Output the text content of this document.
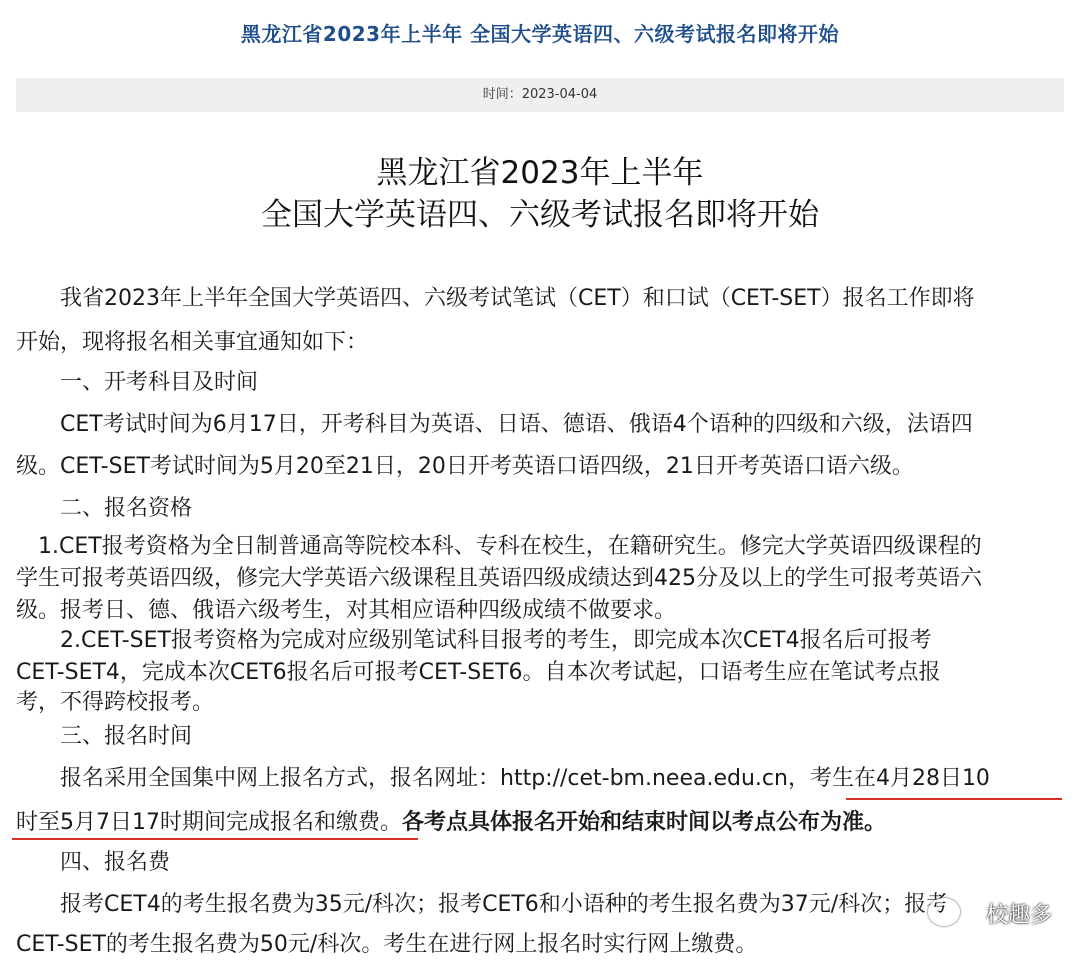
黑龙江省2023年上半年 全国大学英语四、六级考试报名即将开始
时间：2023-04-04
黑龙江省2023年上半年
全国大学英语四、六级考试报名即将开始
　　我省2023年上半年全国大学英语四、六级考试笔试（CET）和口试（CET-SET）报名工作即将
开始，现将报名相关事宜通知如下：
　　一、开考科目及时间
　　CET考试时间为6月17日，开考科目为英语、日语、德语、俄语4个语种的四级和六级，法语四
级。CET-SET考试时间为5月20至21日，20日开考英语口语四级，21日开考英语口语六级。
　　二、报名资格
　1.CET报考资格为全日制普通高等院校本科、专科在校生，在籍研究生。修完大学英语四级课程的
学生可报考英语四级，修完大学英语六级课程且英语四级成绩达到425分及以上的学生可报考英语六
级。报考日、德、俄语六级考生，对其相应语种四级成绩不做要求。
　　2.CET-SET报考资格为完成对应级别笔试科目报考的考生，即完成本次CET4报名后可报考
CET-SET4，完成本次CET6报名后可报考CET-SET6。自本次考试起，口语考生应在笔试考点报
考，不得跨校报考。
　　三、报名时间
　　报名采用全国集中网上报名方式，报名网址：http://cet-bm.neea.edu.cn，考生在4月28日10
时至5月7日17时期间完成报名和缴费。各考点具体报名开始和结束时间以考点公布为准。
　　四、报名费
　　报考CET4的考生报名费为35元/科次；报考CET6和小语种的考生报名费为37元/科次；报考
CET-SET的考生报名费为50元/科次。考生在进行网上报名时实行网上缴费。
校趣多
